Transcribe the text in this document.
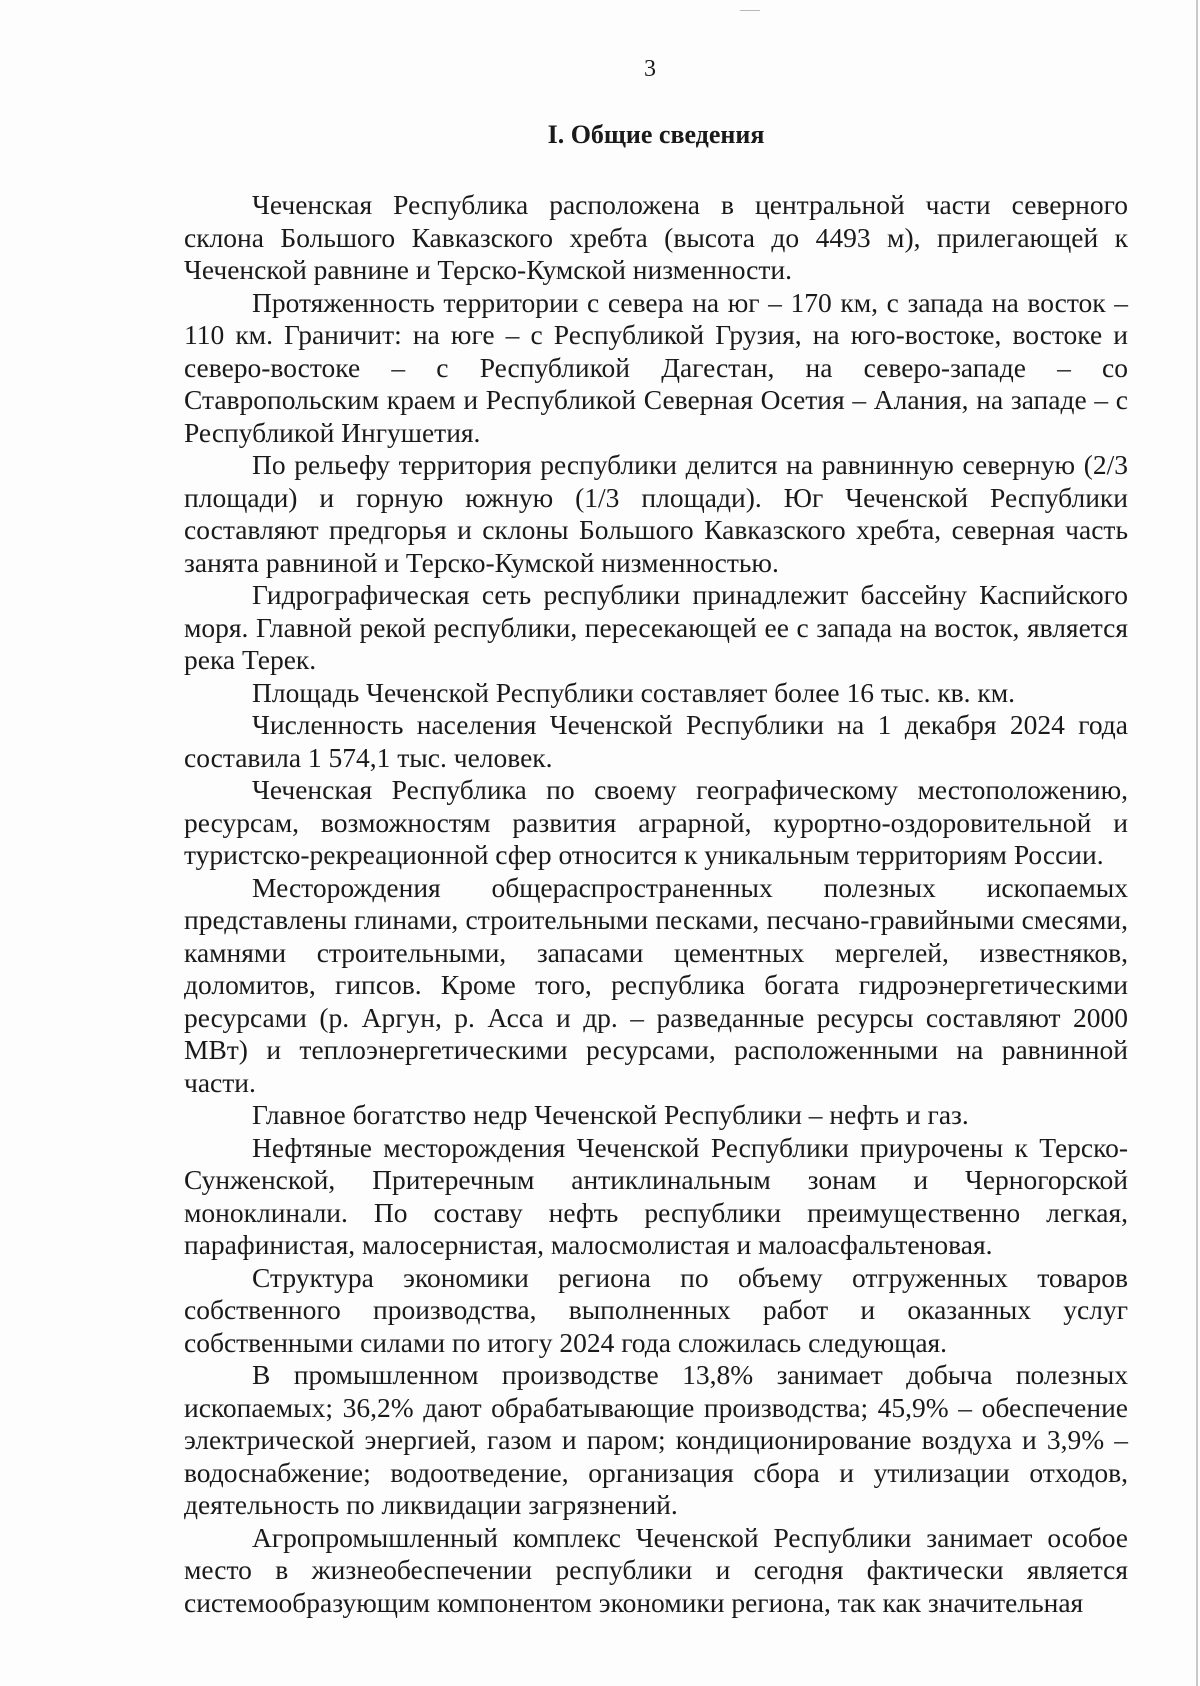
3
I. Общие сведения

Чеченская Республика расположена в центральной части северного склона Большого Кавказского хребта (высота до 4493 м), прилегающей к Чеченской равнине и Терско-Кумской низменности.

Протяженность территории с севера на юг – 170 км, с запада на восток – 110 км. Граничит: на юге – с Республикой Грузия, на юго-востоке, востоке и северо-востоке – с Республикой Дагестан, на северо-западе – со Ставропольским краем и Республикой Северная Осетия – Алания, на западе – с Республикой Ингушетия.

По рельефу территория республики делится на равнинную северную (2/3 площади) и горную южную (1/3 площади). Юг Чеченской Республики составляют предгорья и склоны Большого Кавказского хребта, северная часть занята равниной и Терско-Кумской низменностью.

Гидрографическая сеть республики принадлежит бассейну Каспийского моря. Главной рекой республики, пересекающей ее с запада на восток, является река Терек.

Площадь Чеченской Республики составляет более 16 тыс. кв. км.

Численность населения Чеченской Республики на 1 декабря 2024 года составила 1 574,1 тыс. человек.

Чеченская Республика по своему географическому местоположению, ресурсам, возможностям развития аграрной, курортно-оздоровительной и туристско-рекреационной сфер относится к уникальным территориям России.

Месторождения общераспространенных полезных ископаемых представлены глинами, строительными песками, песчано-гравийными смесями, камнями строительными, запасами цементных мергелей, известняков, доломитов, гипсов. Кроме того, республика богата гидроэнергетическими ресурсами (р. Аргун, р. Асса и др. – разведанные ресурсы составляют 2000 МВт) и теплоэнергетическими ресурсами, расположенными на равнинной части.

Главное богатство недр Чеченской Республики – нефть и газ.

Нефтяные месторождения Чеченской Республики приурочены к Терско-Сунженской, Притеречным антиклинальным зонам и Черногорской моноклинали. По составу нефть республики преимущественно легкая, парафинистая, малосернистая, малосмолистая и малоасфальтеновая.

Структура экономики региона по объему отгруженных товаров собственного производства, выполненных работ и оказанных услуг собственными силами по итогу 2024 года сложилась следующая.

В промышленном производстве 13,8% занимает добыча полезных ископаемых; 36,2% дают обрабатывающие производства; 45,9% – обеспечение электрической энергией, газом и паром; кондиционирование воздуха и 3,9% – водоснабжение; водоотведение, организация сбора и утилизации отходов, деятельность по ликвидации загрязнений.

Агропромышленный комплекс Чеченской Республики занимает особое место в жизнеобеспечении республики и сегодня фактически является системообразующим компонентом экономики региона, так как значительная
